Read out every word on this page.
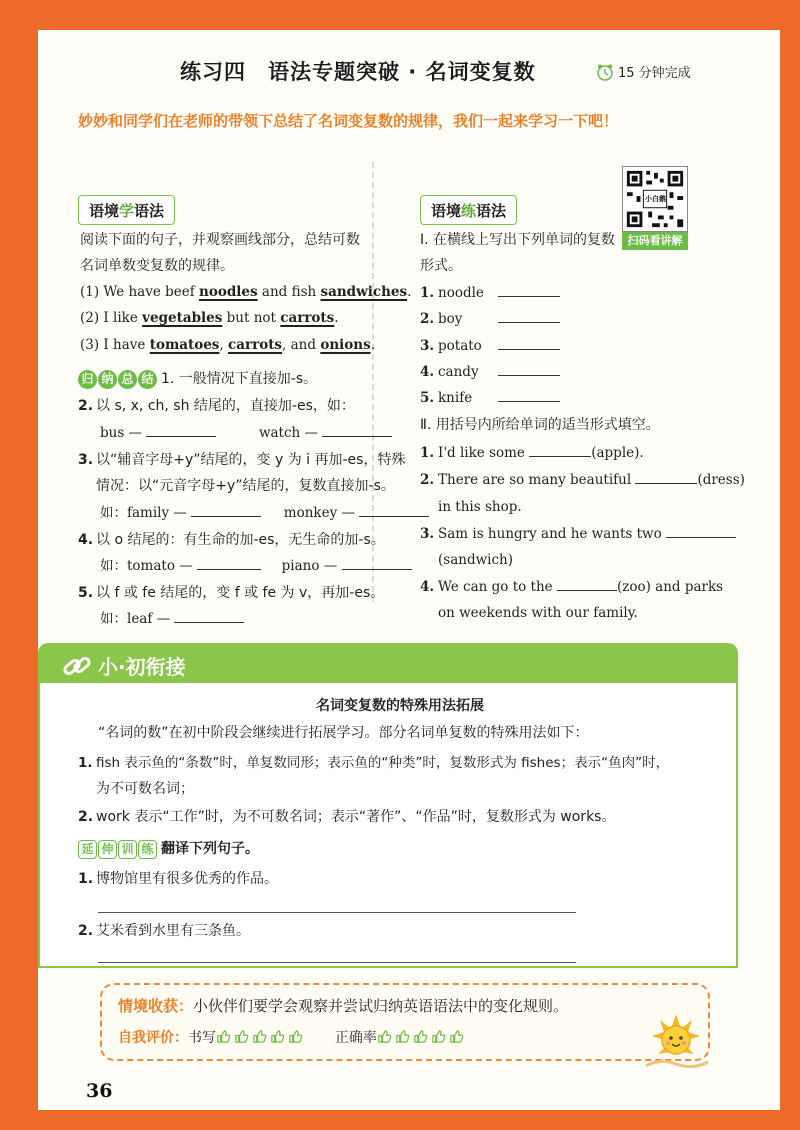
练习四　语法专题突破 · 名词变复数	15 分钟完成
妙妙和同学们在老师的带领下总结了名词变复数的规律，我们一起来学习一下吧！
语境 学 语法
阅读下面的句子，并观察画线部分，总结可数
名词单数变复数的规律。
(1) We have beef noodles and fish sandwiches.
(2) I like vegetables but not carrots.
(3) I have tomatoes, carrots, and onions.
归 纳 总 结 1. 一般情况下直接加-s。
2. 以 s, x, ch, sh 结尾的，直接加-es，如：
bus —	watch —
3. 以“辅音字母+y”结尾的，变 y 为 i 再加-es，特殊
情况：以“元音字母+y”结尾的，复数直接加-s。
如：family —	monkey —
4. 以 o 结尾的：有生命的加-es，无生命的加-s。
如：tomato —	piano —
5. 以 f 或 fe 结尾的，变 f 或 fe 为 v，再加-es。
如：leaf —
语境 练 语法
小白鹅
扫码看讲解
Ⅰ. 在横线上写出下列单词的复数
形式。
1. noodle
2. boy
3. potato
4. candy
5. knife
Ⅱ. 用括号内所给单词的适当形式填空。
1. I'd like some	(apple).
2. There are so many beautiful	(dress)
in this shop.
3. Sam is hungry and he wants two
(sandwich)
4. We can go to the	(zoo) and parks
on weekends with our family.
小·初衔接
名词变复数的特殊用法拓展
“名词的数”在初中阶段会继续进行拓展学习。部分名词单复数的特殊用法如下：
1. fish 表示鱼的“条数”时，单复数同形；表示鱼的“种类”时，复数形式为 fishes；表示“鱼肉”时，
为不可数名词；
2. work 表示“工作”时，为不可数名词；表示“著作”、“作品”时，复数形式为 works。
延 伸 训 练 翻译下列句子。
1. 博物馆里有很多优秀的作品。
2. 艾米看到水里有三条鱼。
情境收获：小伙伴们要学会观察并尝试归纳英语语法中的变化规则。
自我评价：书写	正确率
36
